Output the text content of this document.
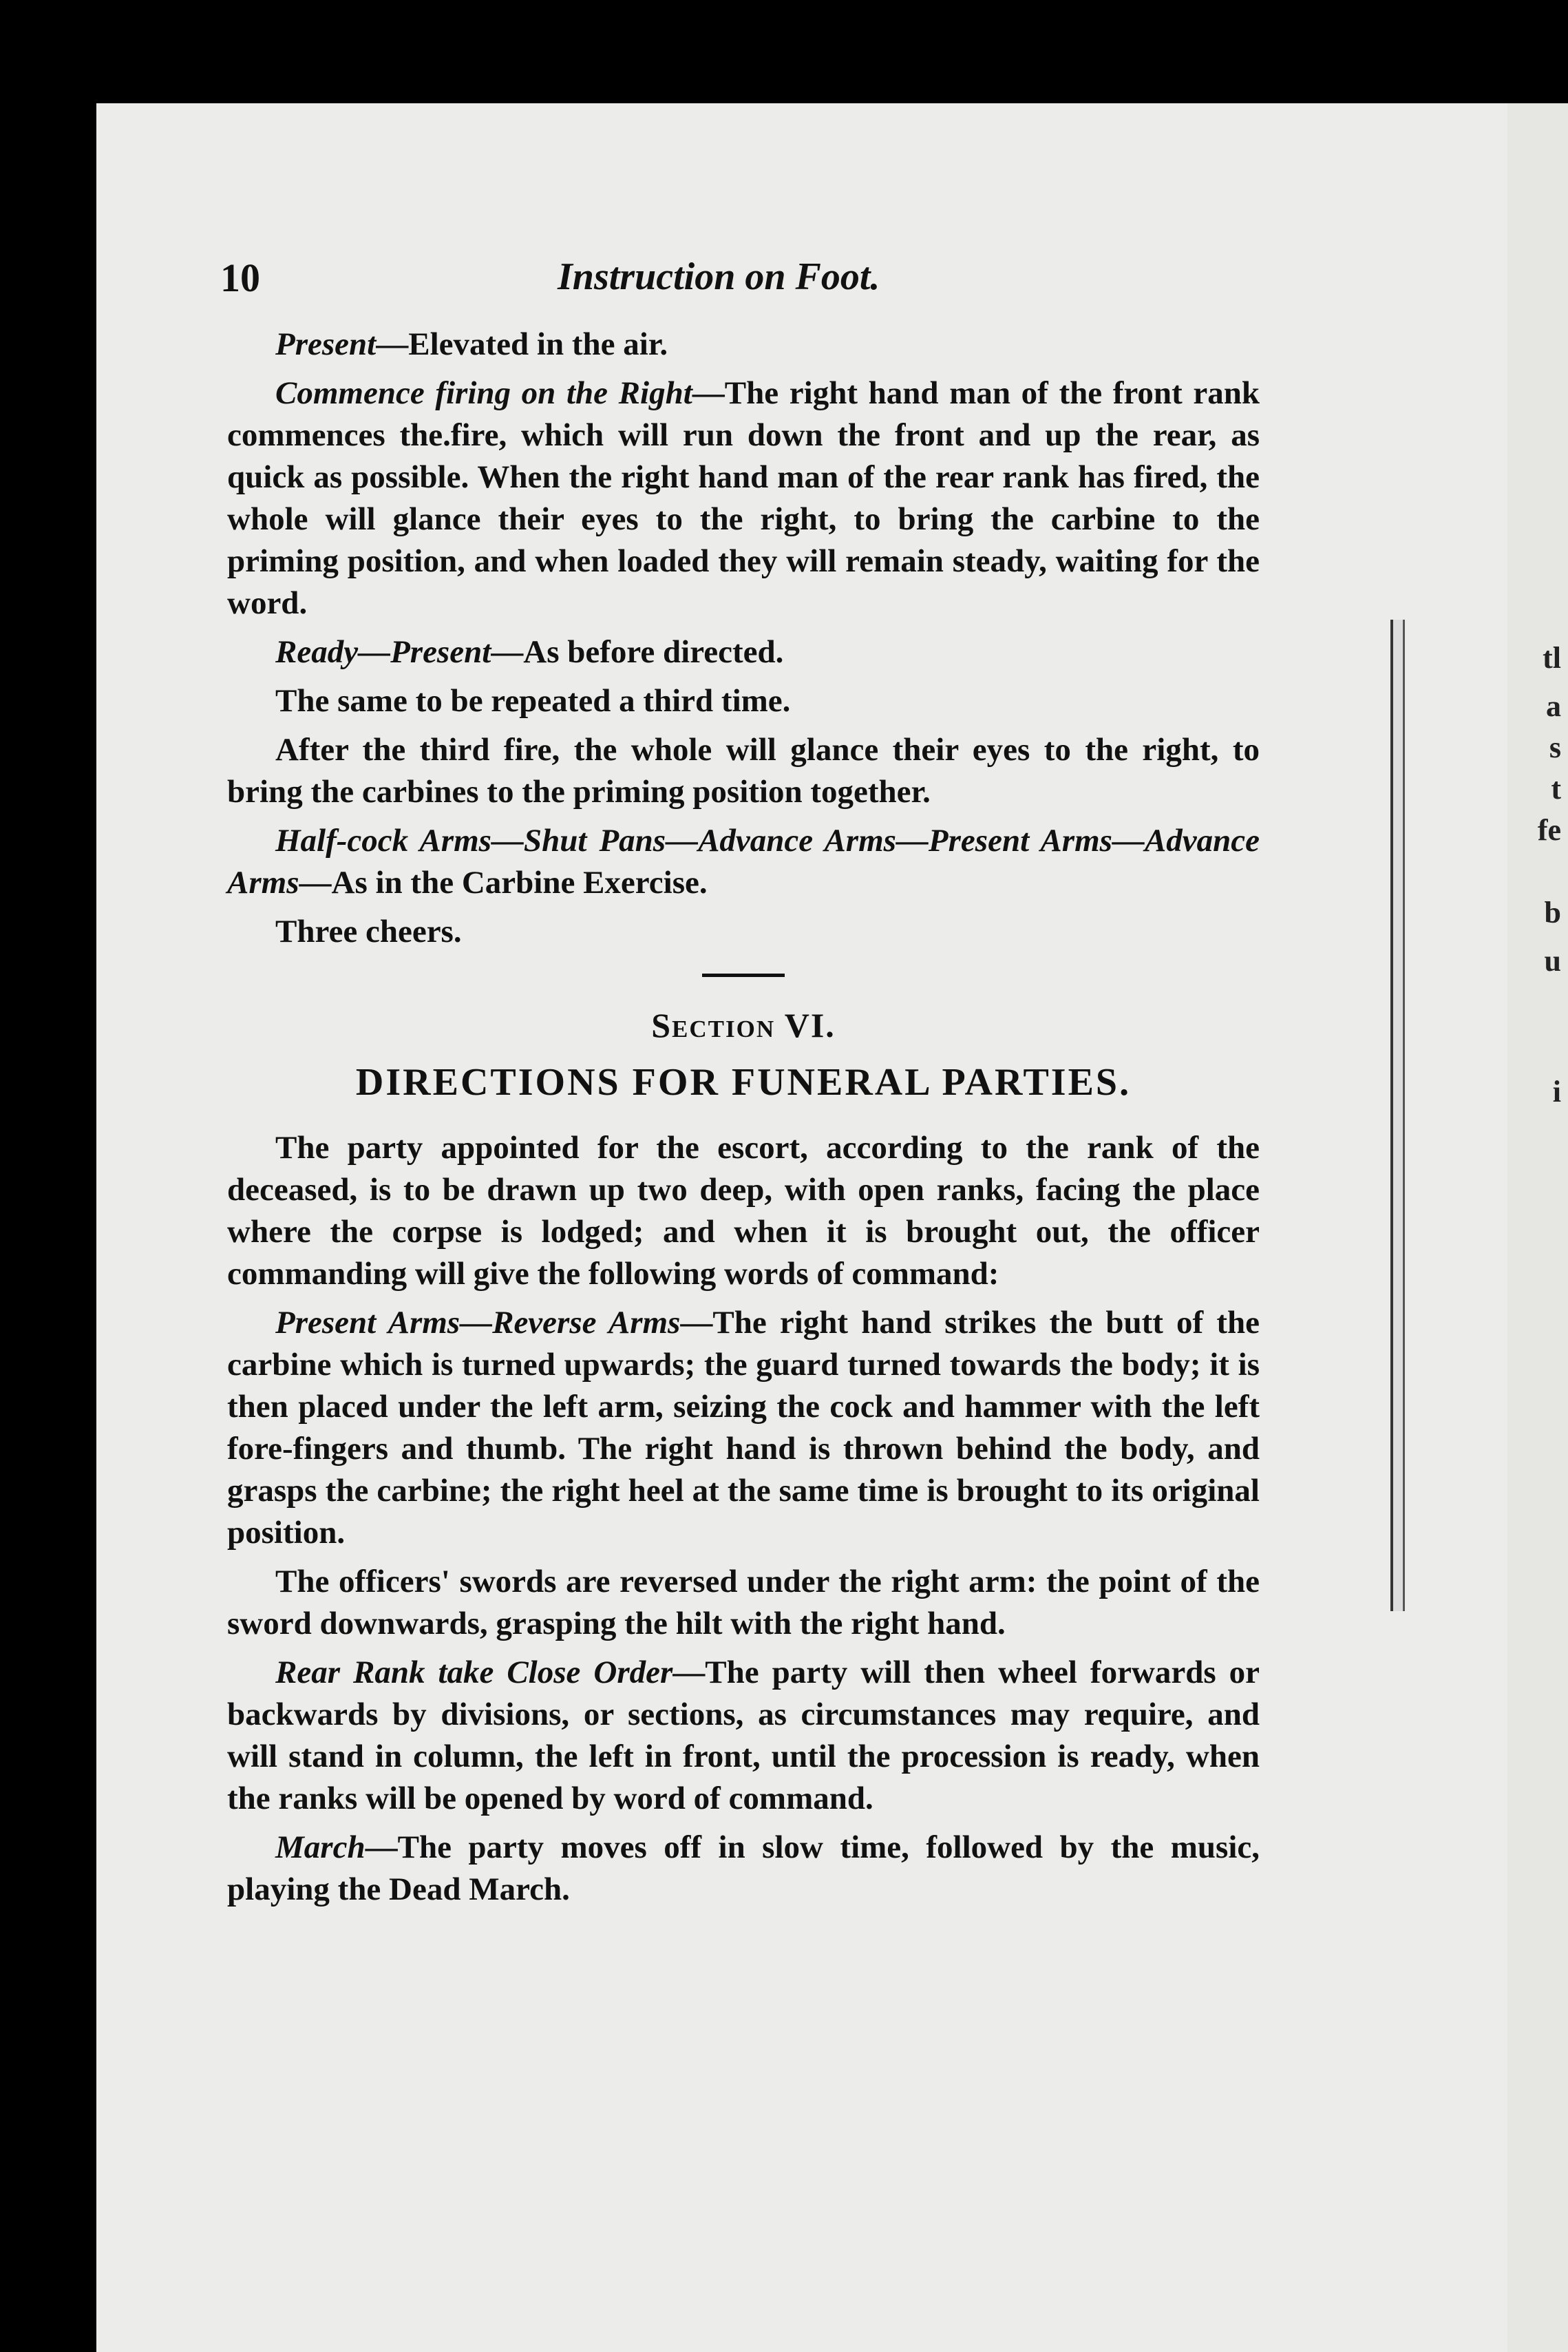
tl
a
s
t
fe
b
u
i
10	Instruction on Foot.

Present—Elevated in the air.

Commence firing on the Right—The right hand man of the front rank commences the.fire, which will run down the front and up the rear, as quick as possible. When the right hand man of the rear rank has fired, the whole will glance their eyes to the right, to bring the carbine to the priming position, and when loaded they will remain steady, waiting for the word.

Ready—Present—As before directed.

The same to be repeated a third time.

After the third fire, the whole will glance their eyes to the right, to bring the carbines to the priming position together.

Half-cock Arms—Shut Pans—Advance Arms—Present Arms—Advance Arms—As in the Carbine Exercise.

Three cheers.

Section VI.
DIRECTIONS FOR FUNERAL PARTIES.

The party appointed for the escort, according to the rank of the deceased, is to be drawn up two deep, with open ranks, facing the place where the corpse is lodged; and when it is brought out, the officer commanding will give the following words of command:

Present Arms—Reverse Arms—The right hand strikes the butt of the carbine which is turned upwards; the guard turned towards the body; it is then placed under the left arm, seizing the cock and hammer with the left fore-fingers and thumb. The right hand is thrown behind the body, and grasps the carbine; the right heel at the same time is brought to its original position.

The officers' swords are reversed under the right arm: the point of the sword downwards, grasping the hilt with the right hand.

Rear Rank take Close Order—The party will then wheel forwards or backwards by divisions, or sections, as circumstances may require, and will stand in column, the left in front, until the procession is ready, when the ranks will be opened by word of command.

March—The party moves off in slow time, followed by the music, playing the Dead March.
